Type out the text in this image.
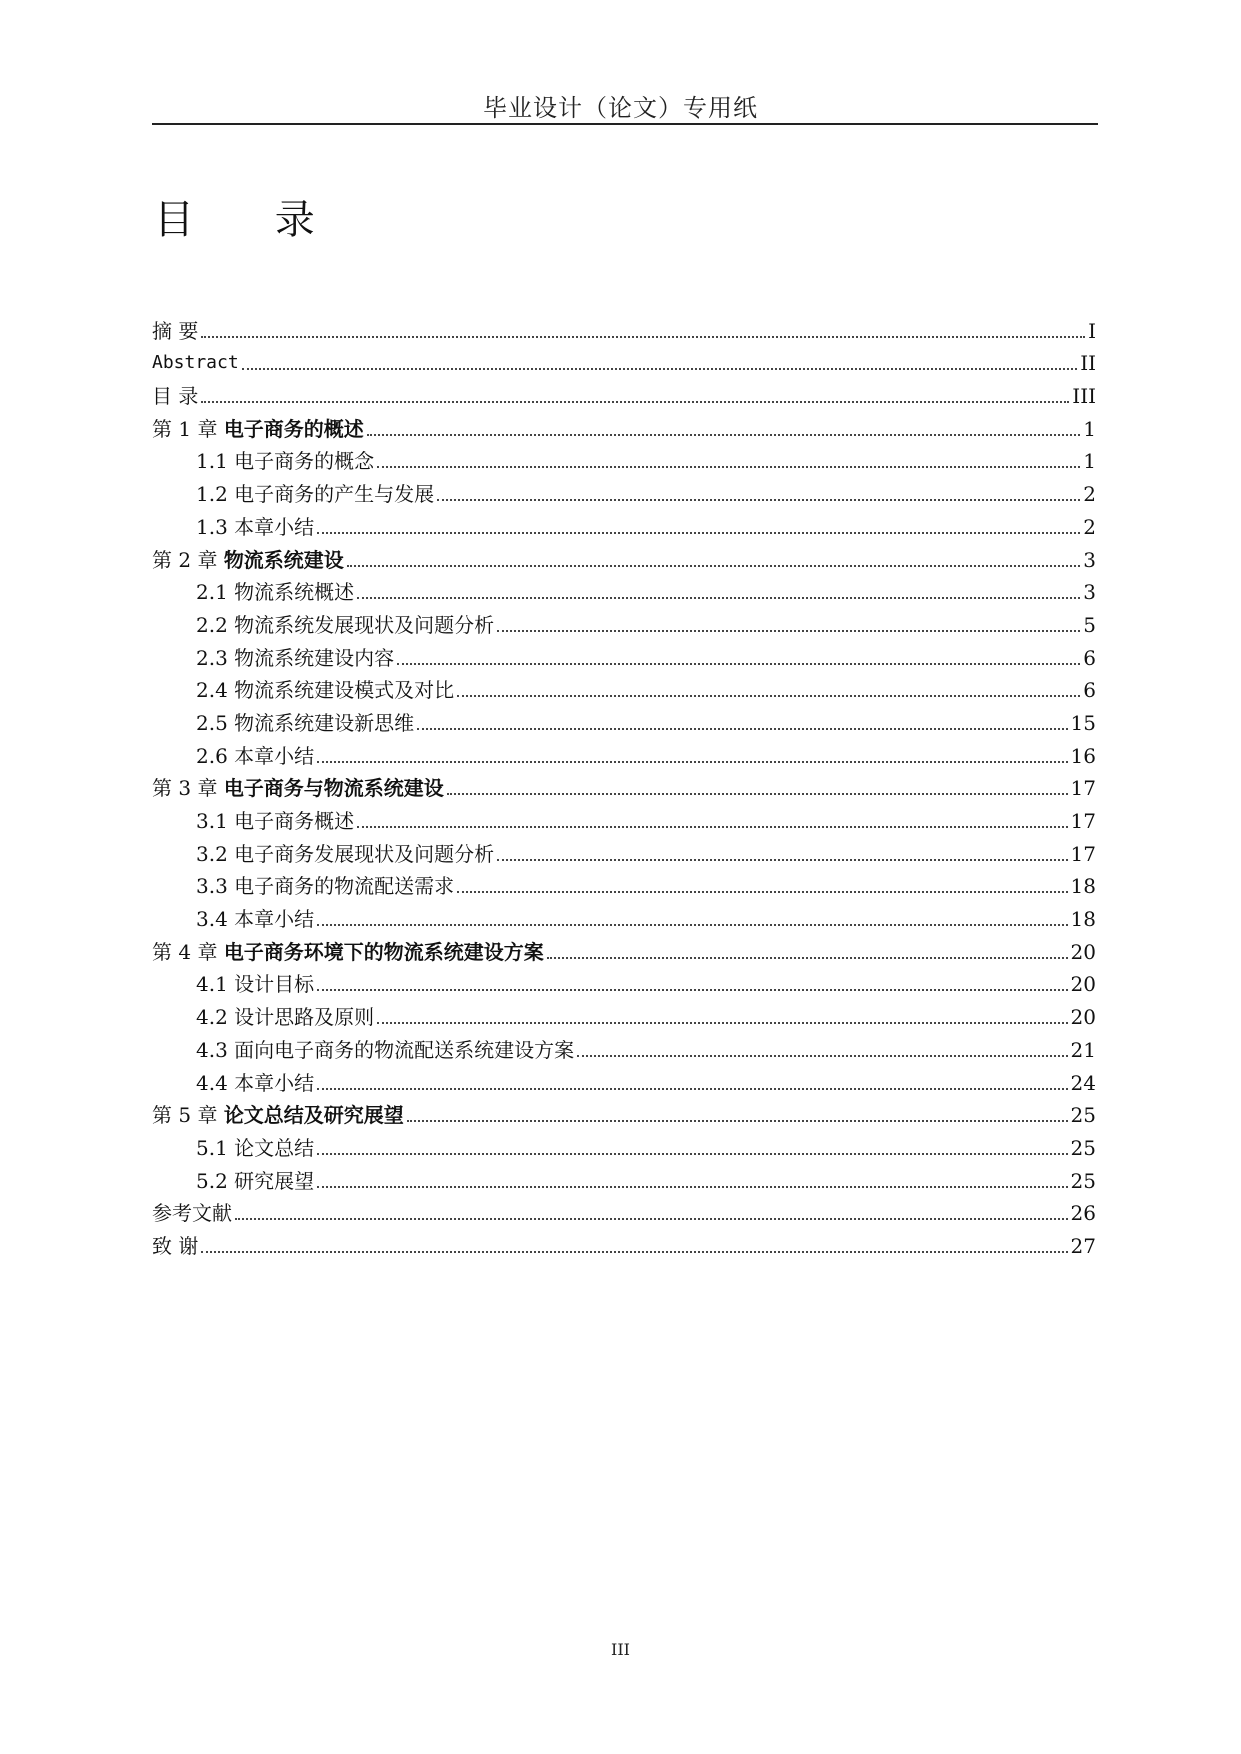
毕业设计（论文）专用纸
目 录
摘 要	I
Abstract	II
目 录	III
第 1 章 电子商务的概述	1
1.1 电子商务的概念	1
1.2 电子商务的产生与发展	2
1.3 本章小结	2
第 2 章 物流系统建设	3
2.1 物流系统概述	3
2.2 物流系统发展现状及问题分析	5
2.3 物流系统建设内容	6
2.4 物流系统建设模式及对比	6
2.5 物流系统建设新思维	15
2.6 本章小结	16
第 3 章 电子商务与物流系统建设	17
3.1 电子商务概述	17
3.2 电子商务发展现状及问题分析	17
3.3 电子商务的物流配送需求	18
3.4 本章小结	18
第 4 章 电子商务环境下的物流系统建设方案	20
4.1 设计目标	20
4.2 设计思路及原则	20
4.3 面向电子商务的物流配送系统建设方案	21
4.4 本章小结	24
第 5 章 论文总结及研究展望	25
5.1 论文总结	25
5.2 研究展望	25
参考文献	26
致 谢	27
III
